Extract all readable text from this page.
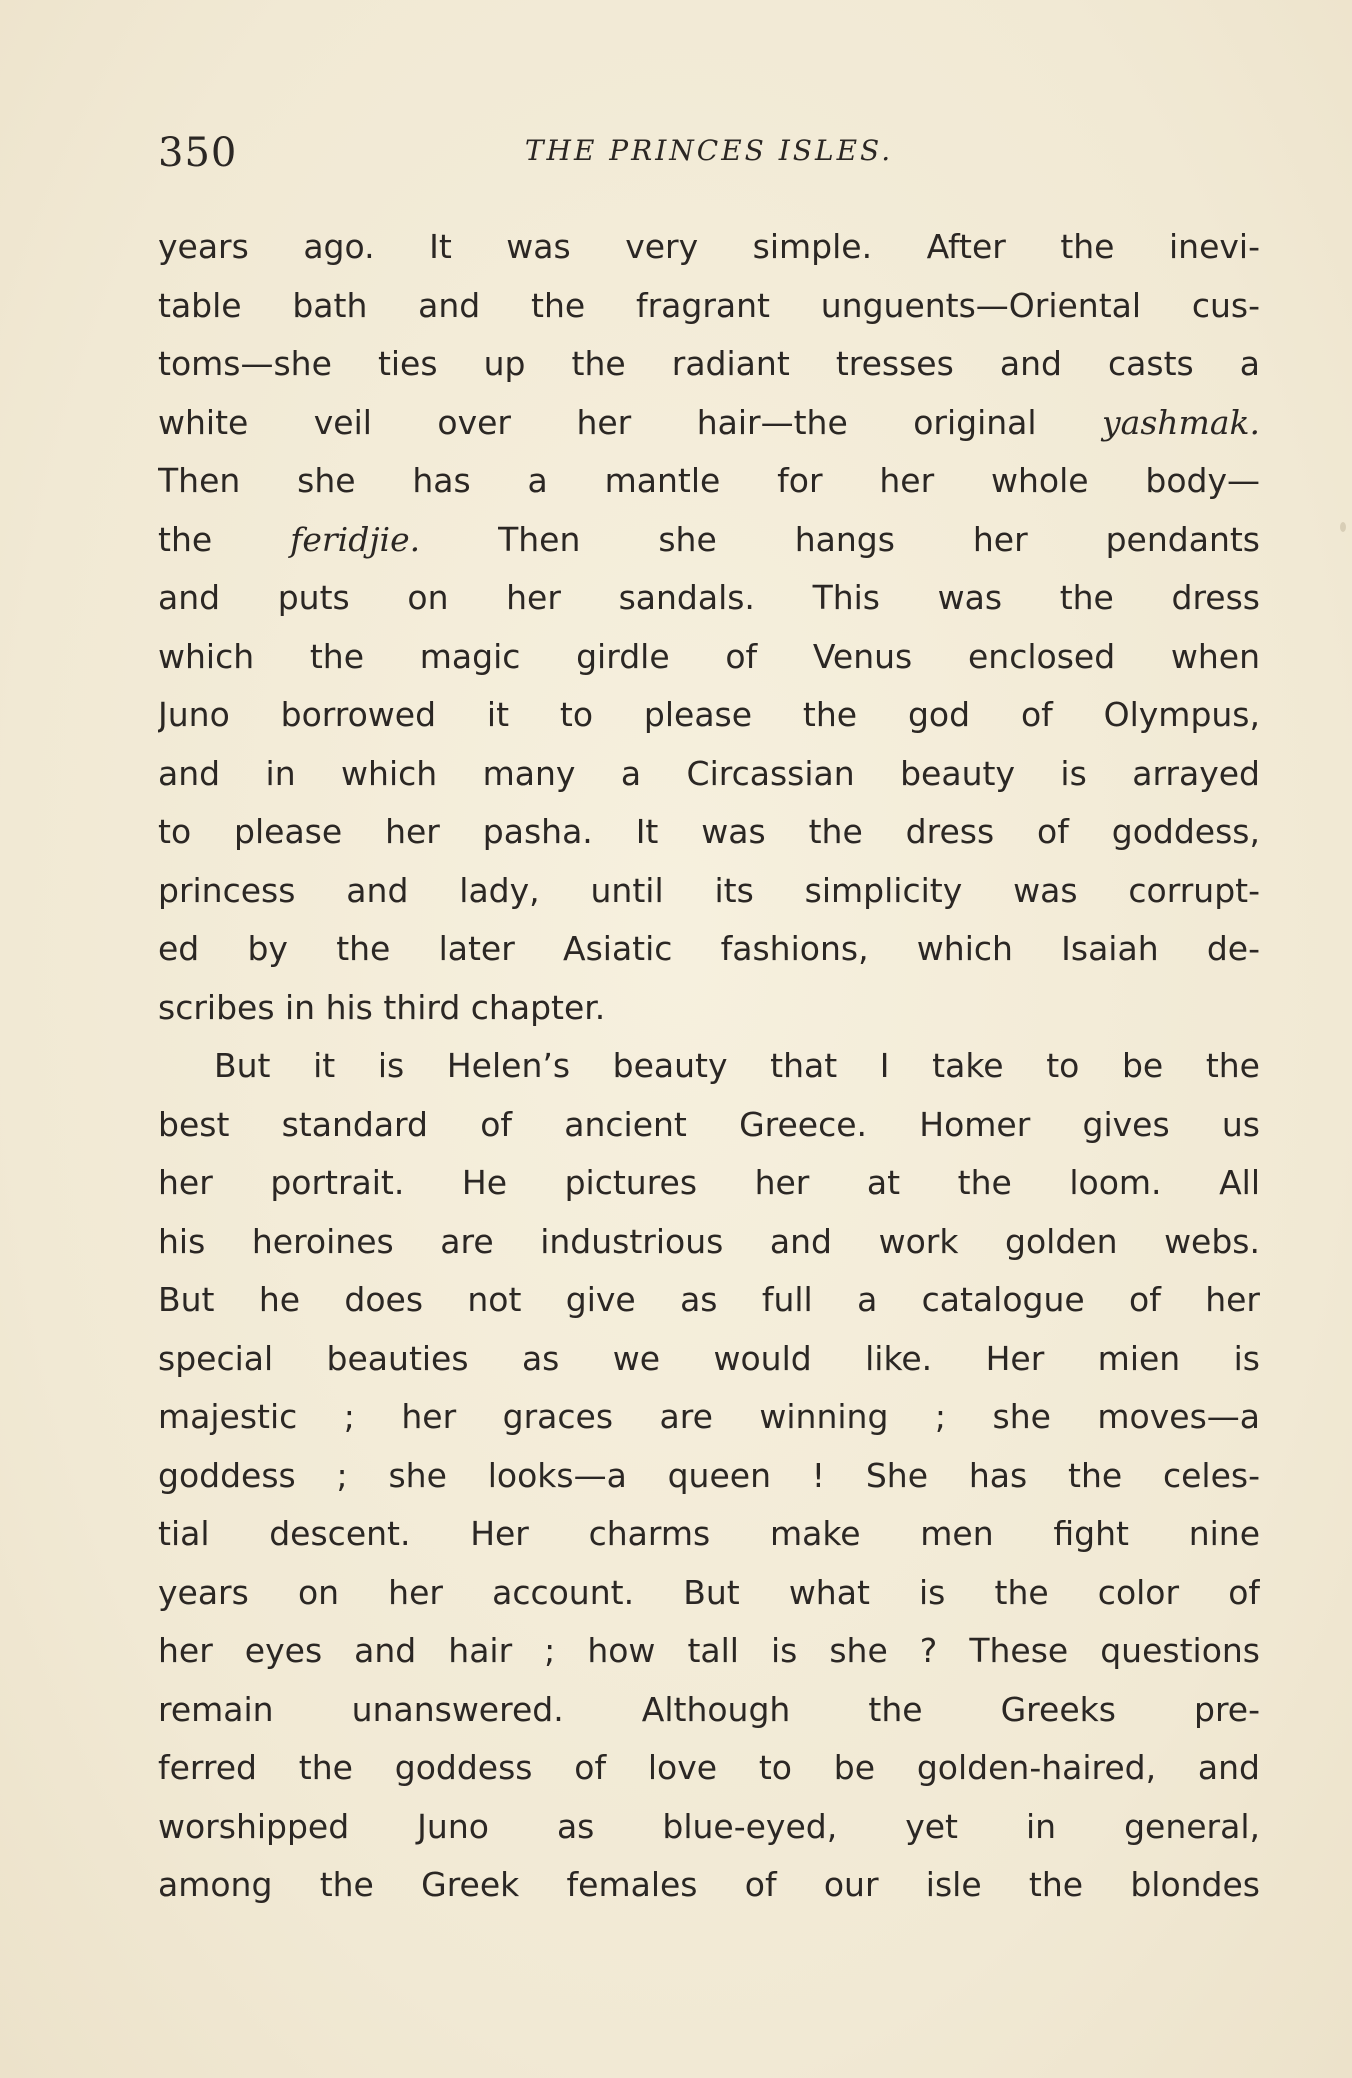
350	THE PRINCES ISLES.
years ago. It was very simple. After the inevi-
table bath and the fragrant unguents—Oriental cus-
toms—she ties up the radiant tresses and casts a
white veil over her hair—the original yashmak.
Then she has a mantle for her whole body—
the feridjie. Then she hangs her pendants
and puts on her sandals. This was the dress
which the magic girdle of Venus enclosed when
Juno borrowed it to please the god of Olympus,
and in which many a Circassian beauty is arrayed
to please her pasha. It was the dress of goddess,
princess and lady, until its simplicity was corrupt-
ed by the later Asiatic fashions, which Isaiah de-
scribes in his third chapter.
But it is Helen’s beauty that I take to be the
best standard of ancient Greece. Homer gives us
her portrait. He pictures her at the loom. All
his heroines are industrious and work golden webs.
But he does not give as full a catalogue of her
special beauties as we would like. Her mien is
majestic ; her graces are winning ; she moves—a
goddess ; she looks—a queen ! She has the celes-
tial descent. Her charms make men fight nine
years on her account. But what is the color of
her eyes and hair ; how tall is she ? These questions
remain unanswered. Although the Greeks pre-
ferred the goddess of love to be golden-haired, and
worshipped Juno as blue-eyed, yet in general,
among the Greek females of our isle the blondes
